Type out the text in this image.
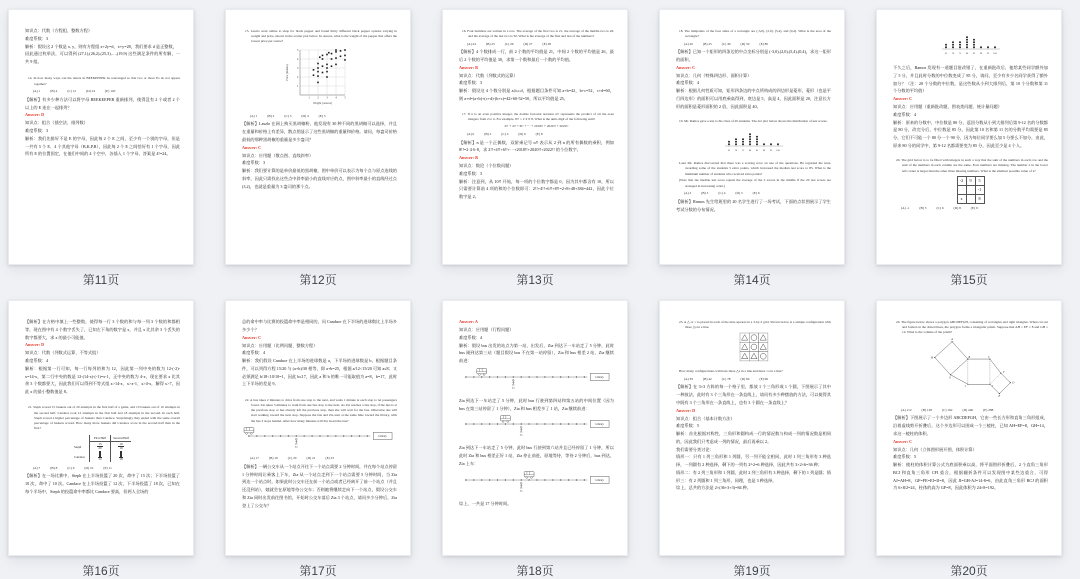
知识点：代数（方程组、整数方程）
难度系数：3
解析：假设这 2 个数是 x, y，则有方程组 x+2y=d，x+y=28，我们要求 d 是正整数，
因此通过枚举法，可以得到 (27,1),(26,2),(25,3),…,(19,9) 这些满足条件的所有解，一共 9 组。
14. In how many ways can the letters in BEEKEEPER be rearranged so that two or more Es do not appear together?
(A) 1	(B) 4	(C) 12	(D) 24	(E) 120
【解析】有多少种方法可以将字母 BEEKEEPER 重新排列，使得没有 2 个或者 2 个以上的 E 连在一起排列？
Answer: D
知识点：组合（插空法、排列数）
难度系数：3
解析：我们先排好不是 E 的字母，因此每 2 个 E 之间，至少有一个别的字母，但是一共有 5 个 E、4 个其他字母（B,K,P,R），因此每 2 个 E 之间恰好有 1 个字母，因此所有 E 的位置固定，在他们中间的 4 个空中，各插入 1 个字母，答案是 4!=24。
第11页
15. Laszlo went online to shop for black pepper and found thirty different black pepper options varying in weight and price, shown in the scatter plot below. In ounces, what is the weight of the pepper that offers the lowest price per ounce?
1
1
2
2
3
3
4
4
5
5
Price (dollars)
Weight (ounces)
(A) 1	(B) 2	(C) 3	(D) 4	(E) 5
【解析】Laszlo 在网上购买黑胡椒粉，他发现有 30 种不同的黑胡椒可以选择，并且在重量和价格上有差异，散点图显示了这些黑胡椒的重量和价格。请问，每盎司价格最低的那种黑胡椒的重量是多少盎司？
Answer: C
知识点：应用题（散点图、直线斜率）
难度系数：3
解析：我们要计算的是单价最低的黑胡椒，图中单价可以表示为每个点与原点连线的斜率，因此只需找出这些点中斜率最小的直线对应的点，图中斜率最小的直线经过点 (3,2)，也就是重量为 3 盎司的那个点。
第12页
16. Four numbers are written in a row. The average of the first two is 21, the average of the middle two is 26, and the average of the last two is 30. What is the average of the first and last of the numbers?
(A) 24	(B) 25	(C) 26	(D) 27	(E) 28
【解析】4 个数排成一行，前 2 个数的平均值是 21，中间 2 个数的平均值是 26，最后 2 个数的平均值是 30，求第一个数和最后一个数的平均值。
Answer: B
知识点：代数（列数式的运算）
难度系数：3
解析：假设这 4 个数分别是 a,b,c,d，根据题目条件可知 a+b=42，b+c=52，c+d=60，则 a+d=(a+b)+(c+d)-(b+c)=42+60-52=50，所以平均值是 25。
17. If n is an even positive integer, the double factorial notation n!! represents the product of all the even integers from 2 to n. For example, 8!! = 2·4·6·8. What is the units digit of the following sum?
2!! + 4!! + 6!! + ⋯ + 2018!! + 2020!! + 2022!!
(A) 0	(B) 2	(C) 4	(D) 6	(E) 8
【解析】n 是一个正偶数，双阶乘记号 n!! 表示从 2 到 n 的所有偶数的乘积，例如 8!!=2·4·6·8，求 2!!+4!!+6!!+⋯+2018!!+2020!!+2022!! 的个位数字。
Answer: B
知识点：数论（个位数问题）
难度系数：3
解析：注意到，从 10!! 开始，每一项的个位数字都是 0，因为其中都含有 10，所以只需要计算前 4 项的和的个位数即可：2!!+4!!+6!!+8!!=2+8+48+384=442，因此个位数字是 2。
第13页
18. The midpoints of the four sides of a rectangle are (-3,0), (2,0), (5,4), and (0,4). What is the area of the rectangle?
(A) 20	(B) 25	(C) 40	(D) 50	(E) 80
【解析】已知一个矩形的四条边的中点坐标分别是 (-3,0),(2,0),(5,4),(0,4)，求这一矩形的面积。
Answer: C
知识点：几何（特殊四边形、面积计算）
难度系数：4
解析：根据几何性质可知，矩形四条边的中点所构成的四边形是菱形，菱形（也是平行四边形）的面积可以用底乘高得到，底边是 5，高是 4，因此面积是 20，注意长方形的面积是菱形面积的 2 倍，因此面积是 40。
19. Mr. Ramos gave a test to his class of 20 students. The dot plot below shows the distribution of test scores.
65	70	75	80	85	90	95	100
Later Mr. Ramos discovered that there was a scoring error on one of the questions. He regraded the tests, awarding some of the students 5 extra points, which increased the median test score to 85. What is the minimum number of students who received extra points?
(Note that the median test score equals the average of the 2 scores in the middle if the 20 test scores are arranged in increasing order.)
(A) 2	(B) 3	(C) 4	(D) 5	(E) 6
【解析】Ramos 先生给班里的 20 名学生进行了一场考试，下面的点状图展示了学生考试分数的分布情况。
第14页
65	70	75	80	85	90	95	100
不久之后，Ramos 发现有一道题目批改错了，在重新批改后，他给某些同学额外加了 5 分，并且此时分数的中位数变成了 85 分，请问，至少有多少名同学获得了额外加分？（注：20 个分数的中位数，是这些数从小到大排列后，第 10 个分数和第 11 个分数的平均值）
Answer: C
知识点：应用题（重新批改题、图表类问题、统计量问题）
难度系数：4
解析：原来的分数中，中位数是 80 分，返回分数从小到大排列后第 9-12 名的分数都是 80 分，改完分后，中位数是 85 分，因此第 10 名和第 11 名的分数平均需要是 85 分，它们不可能一个 80 分一个 90 分，因为每位同学要么加 5 分要么不加分，由此，原来 80 分的同学中，第 9-12 名都需要变为 85 分，因此至少是 4 个人。
20. The grid below is to be filled with integers in such a way that the sum of the numbers in each row and the sum of the numbers in each column are the same. Four numbers are missing. The number x in the lower left corner is larger than the other three missing numbers. What is the smallest possible value of x?
-2	9	5
		-1
x		8
(A) -1	(B) 5	(C) 6	(D) 8	(E) 9
第15页
【解析】在方格中填上一些整数，使得每一行 3 个数的和与每一列 3 个数的和都相等，现在图中有 4 个数字丢失了，已知左下角的数字是 x，并且 x 比其余 3 个丢失的数字都要大，求 x 的最小可能值。
Answer: D
知识点：代数（列数式运算、不等式组）
难度系数：4
解析：根据第一行可知，每一行每列的和为 12，因此第一列中央的数为 12-(-2)-x=14-x，第二行中央的数是 12-(14-x)-(-1)=x-1，正中央的数为 4-x，现在要求 x 比其余 3 个数都要大，因此我们可以得到不等式组 x>14-x、x>x-1、x>4-x，解得 x>7，因此 x 的最小整数值是 8。
21. Steph scored 15 baskets out of 20 attempts in the first half of a game, and 10 baskets out of 10 attempts in the second half. Candace took 12 attempts in the first half and 18 attempts in the second. In each half, Steph scored a higher percentage of baskets than Candace. Surprisingly they ended with the same overall percentage of baskets scored. How many more baskets did Candace score in the second half than in the first?
First Half	Second Half
Steph	$\frac{15}{20}$	$\frac{10}{10}$
Candace	12	18
(A) 7	(B) 8	(C) 9	(D) 10	(E) 11
【解析】在一场比赛中，Steph 在上半场投篮了 20 次，命中了 15 次；下半场投篮了 10 次，命中了 10 次。Candace 在上半场投篮了 12 次，下半场投篮了 18 次，已知在每个半场中，Steph 的投篮命中率都比 Candace 要高，但两人全场的
第16页
总的命中率与比赛的投篮命中率是相同的，问 Candace 在下半场的进球数比上半场多多少个？
Answer: C
知识点：应用题（比例问题、整数方程）
难度系数：4
解析：我们假设 Candace 在上半场的进球数是 a，下半场的进球数是 b，根据题目条件，可以列得方程 15/20 与 (a+b)/30 相等，即 a+b=25，根据 a/12<15/20 可知 a≤8；又必须满足 b/18<10/10=1，因此 b≤17，因此 a 和 b 的唯一可能取值为 a=8，b=17，此时上下半场的差是 9。
22. A bus takes 2 minutes to drive from one stop to the next, and waits 1 minute at each stop to let passengers board. Zia takes 5 minutes to walk from one bus stop to the next. As Zia reaches a bus stop, if the bus is at the previous stop or has already left the previous stop, then she will wait for the bus. Otherwise she will start walking toward the next stop. Suppose the bus and Zia start at the same time toward the library, with the bus 3 stops behind. After how many minutes will Zia board the bus?
Zia
Library
(A) 17	(B) 19	(C) 20	(D) 21	(E) 23
【解析】一辆公交车从一个站点开往下一个站点需要 2 分钟时间，并在每个站点停留 1 分钟时间让乘客上下车，Zia 从一个站点走到下一个站点需要 5 分钟时间，当 Zia 到达一个站点时，如果此时公交车还在前一个站点或者已经离开了前一个站点（并且还没到站），她就会在原地等待公交车；否则她将继续走向下一个站点，假设公交车和 Zia 同时出发前往图书馆，开始时公交车落后 Zia 3 个站点，请问多少分钟后，Zia 登上了公交车？
第17页
Answer: A
知识点：应用题（行程问题）
难度系数：4
解析：假设 bus 出发的站点为第一站，出发后，Zia 到达下一车站走了 5 分钟，此时 bus 刚到达第三站（题目假设 bus 不在第一站停留），Zia 和 bus 相差 2 站，Zia 继续前进：
Zia
Library
Zia 到达下一车站走了 5 分钟，此时 bus 行驶到第四站和第五站的中间位置（因为 bus 在第三站停留了 1 分钟），Zia 和 bus 相差多了 1 站，Zia 继续前进：
Zia
Library
Zia 到达下一车站走了 5 分钟，此时 bus 行驶到第六站并且已经停留了 1 分钟，所以此时 Zia 和 bus 相差正好 1 站，Zia 停止前进，原地等待，等待 2 分钟后，bus 到达，Zia 上车：
Zia
Library
综上，一共是 17 分钟时间。
第18页
23. A △ or ○ is placed in each of the nine squares in a 3-by-3 grid. Shown below is a sample configuration with three △s in a line.
How many configurations will have three △s in a line and three ○s in a line?
(A) 39	(B) 42	(C) 78	(D) 84	(E) 96
【解析】在 3×3 方阵的每一个格子里，都放 1 个三角形或 1 个圆，下图展示了其中一种放法，此时有 3 个三角形在一条直线上，请问有多少种摆放的方法，可以使得其中既有 3 个三角形在一条直线上，也有 3 个圆在一条直线上？
Answer: D
知识点：组合（基本计数方法）
难度系数：5
解析：首先根据对称性，三角形和圆构成一行的情况数与构成一列的情况数是相同的，因此我们只考虑成一列的情况，最后再乘以 2。
我们需要分类讨论：
情形一：只有 1 列三角形和 1 列圆，另一列不能全相同，此时 1 列三角形有 3 种选择，一列圆有 2 种选择，剩下的一列有 2³-2=6 种选择，因此共有 3×2×6=36 种；
情形二：有 2 列三角形和 1 列圆，此时 2 列三角形有 3 种选择，剩下的 1 列是圆；情形三：有 2 列圆和 1 列三角形，同理，也是 3 种选择。
综上，总共的方法是 2×(36+3+3)=84 种。
第19页
24. The figure below shows a polygon ABCDEFGH, consisting of rectangles and right triangles. When cut out and folded on the dotted lines, the polygon forms a triangular prism. Suppose that AH = EF = 8 and GH = 14. What is the volume of the prism?
A
B	C
D
E
F
G
H
I
J
(A) 112	(B) 128	(C) 192	(D) 240	(E) 288
【解析】下图展示了一个多边形 ABCDEFGH，它由一些长方形和直角三角形组成，沿着虚线剪开折叠后，这个多边形可以围成一个三棱柱，已知 AH=EF=8，GH=14，求这一棱柱的体积。
Answer: C
知识点：几何（立体图形展开图、体积计算）
难度系数：5
解析：棱柱的体积计算公式为底面积乘以高，将平面图形折叠后，2 个直角三角形 BCJ 和直角三角形 CFI 重合，根据翻折条件可以发现图中某些边重合，可得 AJ=AH=8，GF=FE=EI=IJ=8，因此 JI=GH-AJ=14-8=6，由此直角三角形 BCJ 的面积为 6×8/2=24，柱体的高为 GF=8，因此体积为 24×8=192。
第20页
